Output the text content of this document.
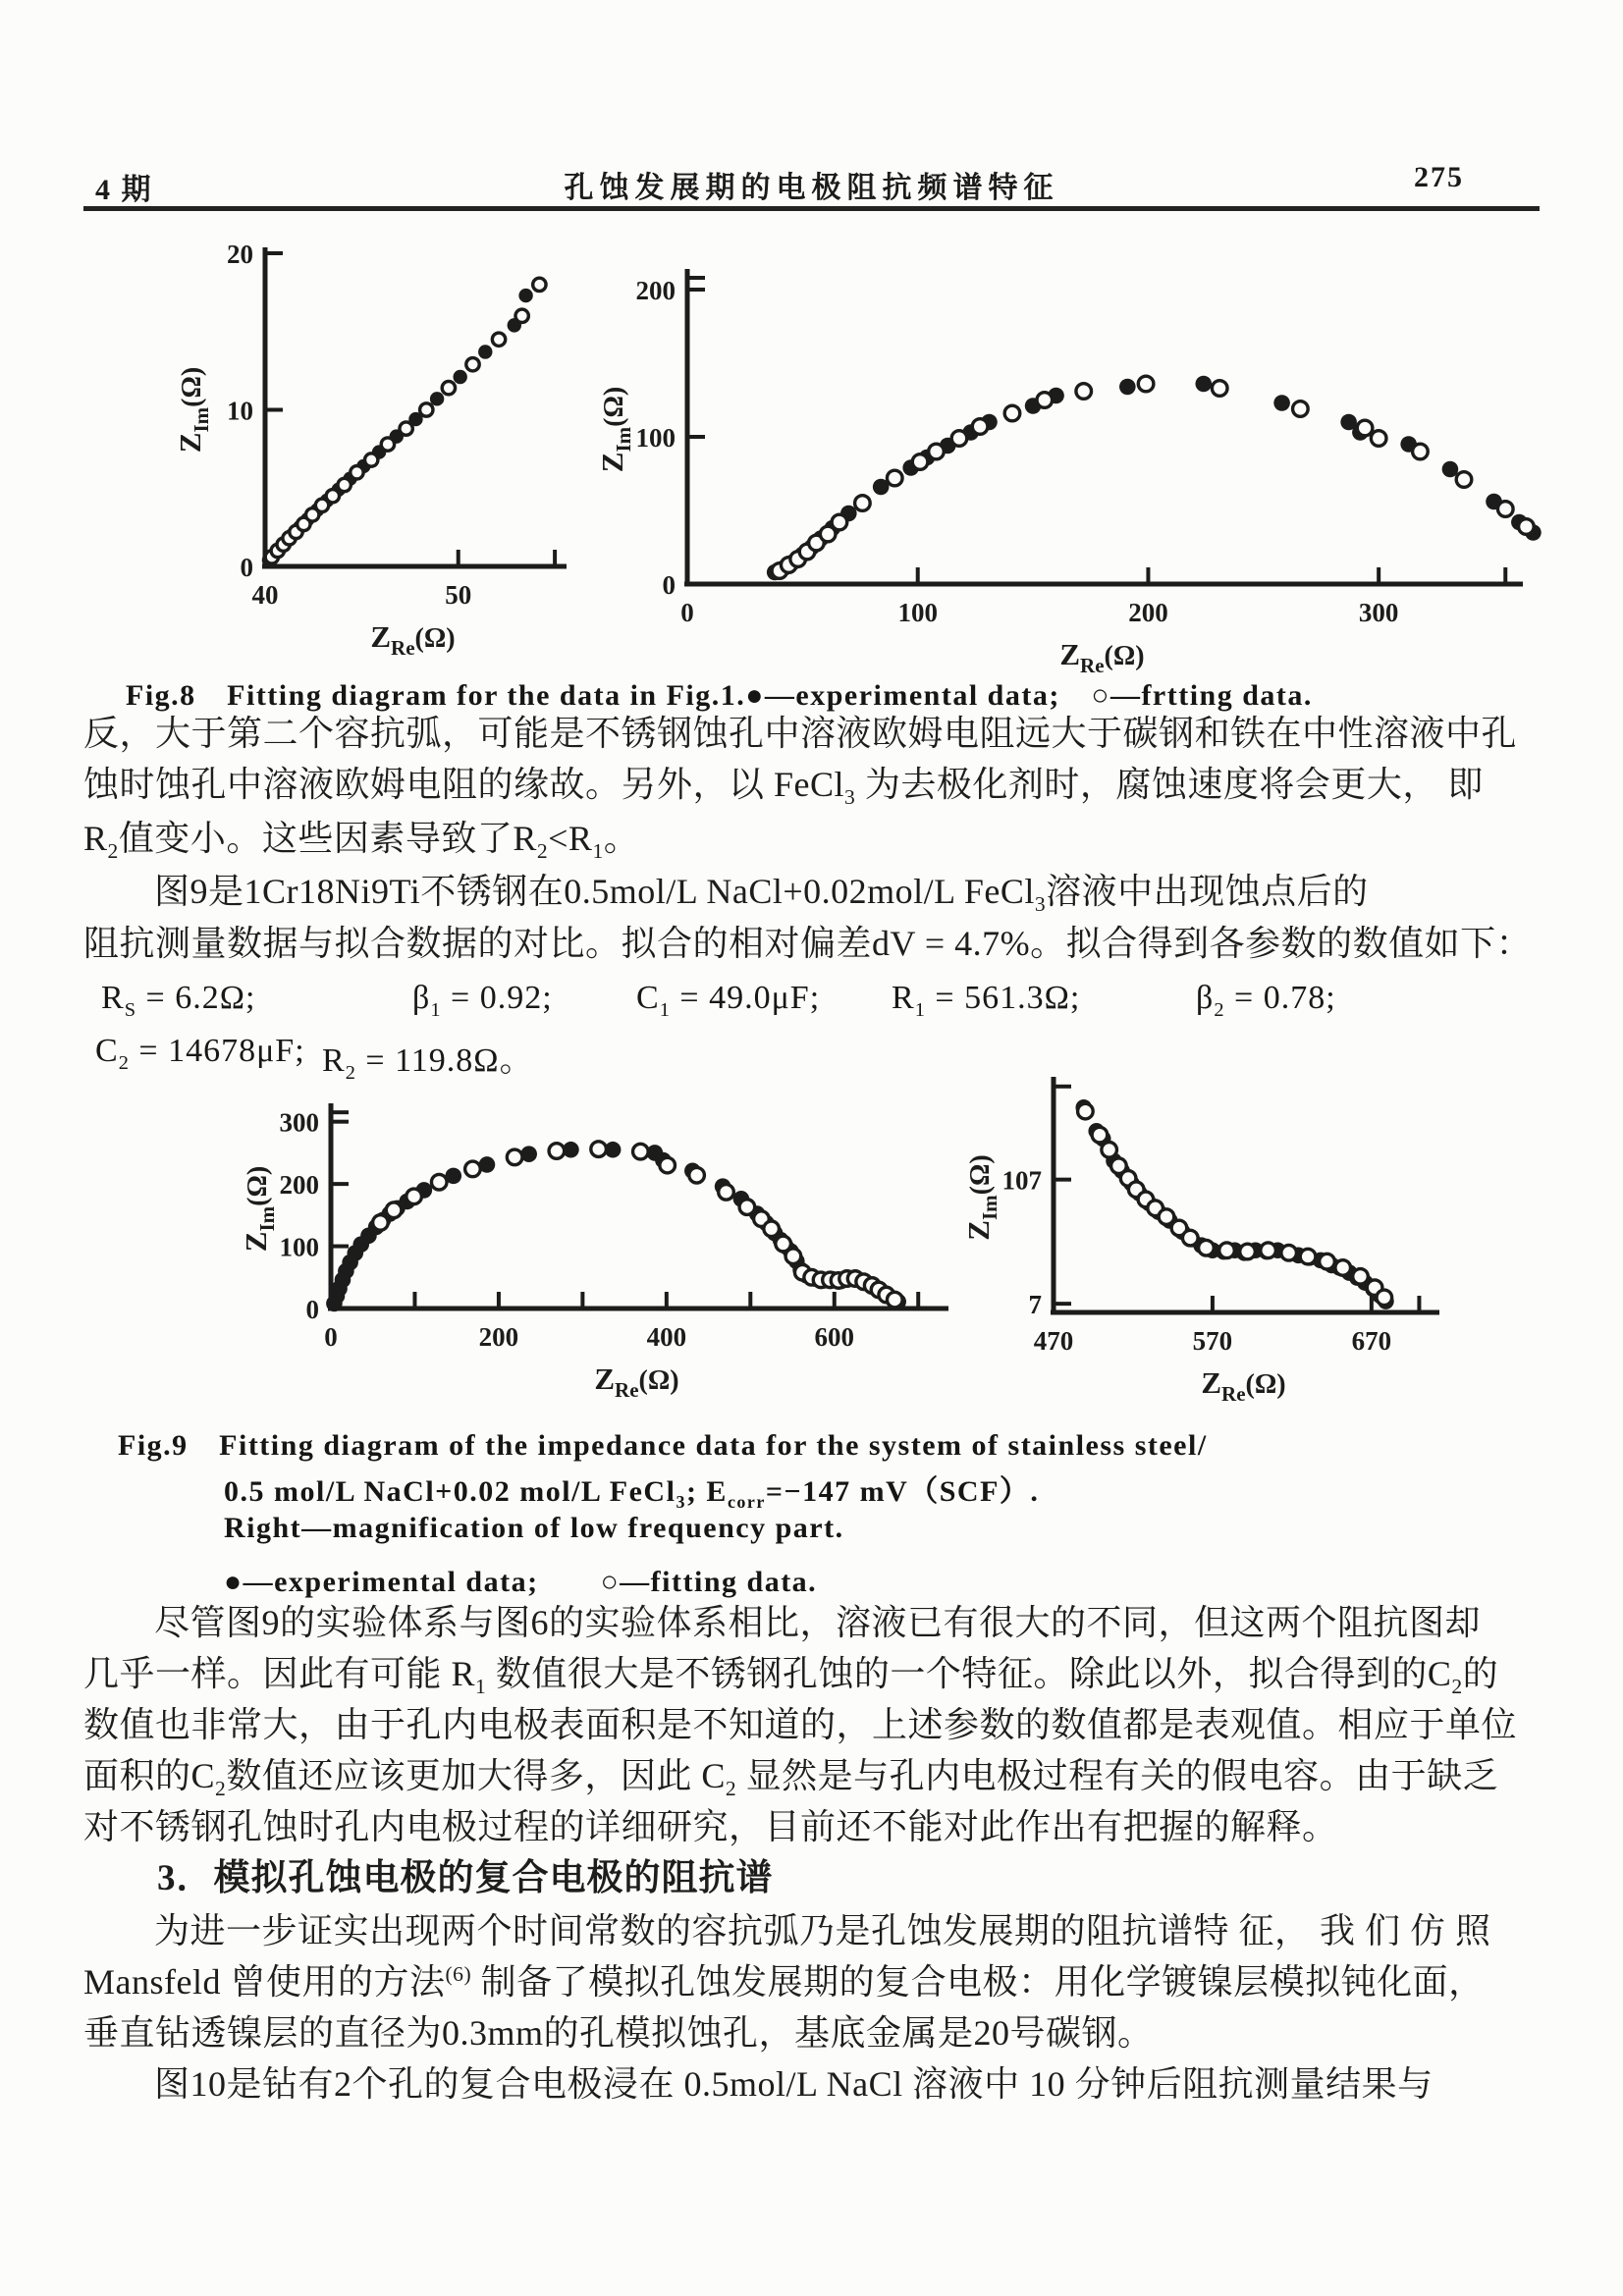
4 期	孔蚀发展期的电极阻抗频谱特征	275
40	50
0
10
20
$Z_{Re}(\Omega)$
$Z_{Im}(\Omega)$
0	100	200	300
0
100
200
$Z_{Re}(\Omega)$
$Z_{Im}(\Omega)$
Fig.8　Fitting diagram for the data in Fig.1.●—experimental data;　○—frtting data.
反，大于第二个容抗弧，可能是不锈钢蚀孔中溶液欧姆电阻远大于碳钢和铁在中性溶液中孔
蚀时蚀孔中溶液欧姆电阻的缘故。另外，以 FeCl$_3$ 为去极化剂时，腐蚀速度将会更大， 即
$R_2$值变小。这些因素导致了$R_2<R_1$。
图9是1Cr18Ni9Ti不锈钢在0.5mol/L NaCl+0.02mol/L FeCl$_3$溶液中出现蚀点后的
阻抗测量数据与拟合数据的对比。拟合的相对偏差dV = 4.7%。拟合得到各参数的数值如下：
$R_S = 6.2\Omega$;	$\beta_1 = 0.92$;	$C_1 = 49.0\mu F$; $R_1 = 561.3\Omega$;	$\beta_2 = 0.78$;
$C_2 = 14678\mu F$; $R_2 = 119.8\Omega$。
0	200	400	600
0
100
200
300
$Z_{Re}(\Omega)$
$Z_{Im}(\Omega)$
470	570	670
7
107
$Z_{Re}(\Omega)$
$Z_{Im}(\Omega)$
Fig.9　Fitting diagram of the impedance data for the system of stainless steel/
0.5 mol/L NaCl+0.02 mol/L FeCl$_3$; $E_{corr}=-147$ mV（SCF）.
Right—magnification of low frequency part.
●—experimental data;　　○—fitting data.
尽管图9的实验体系与图6的实验体系相比，溶液已有很大的不同，但这两个阻抗图却
几乎一样。因此有可能 $R_1$ 数值很大是不锈钢孔蚀的一个特征。除此以外，拟合得到的$C_2$的
数值也非常大，由于孔内电极表面积是不知道的，上述参数的数值都是表观值。相应于单位
面积的$C_2$数值还应该更加大得多，因此 $C_2$ 显然是与孔内电极过程有关的假电容。由于缺乏
对不锈钢孔蚀时孔内电极过程的详细研究，目前还不能对此作出有把握的解释。
3．模拟孔蚀电极的复合电极的阻抗谱
为进一步证实出现两个时间常数的容抗弧乃是孔蚀发展期的阻抗谱特 征， 我 们 仿 照
Mansfeld 曾使用的方法$^{(6)}$ 制备了模拟孔蚀发展期的复合电极：用化学镀镍层模拟钝化面，
垂直钻透镍层的直径为0.3mm的孔模拟蚀孔，基底金属是20号碳钢。
图10是钻有2个孔的复合电极浸在 0.5mol/L NaCl 溶液中 10 分钟后阻抗测量结果与
